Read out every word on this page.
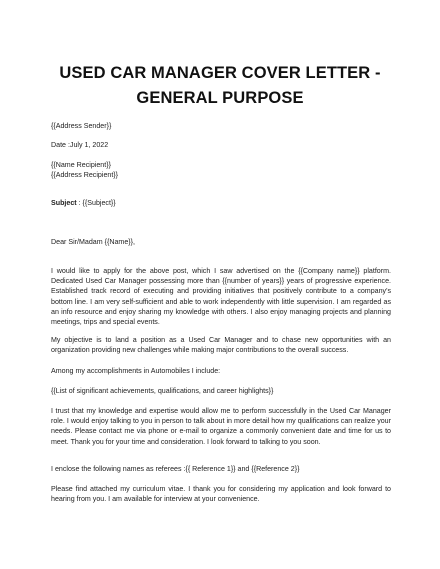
USED CAR MANAGER COVER LETTER -
GENERAL PURPOSE
{{Address Sender}}
Date :July 1, 2022
{{Name Recipient}}
{{Address Recipient}}
Subject : {{Subject}}
Dear Sir/Madam {{Name}},
I would like to apply for the above post, which I saw advertised on the {{Company name}} platform. Dedicated Used Car Manager possessing more than {{number of years}} years of progressive experience. Established track record of executing and providing initiatives that positively contribute to a company's bottom line. I am very self-sufficient and able to work independently with little supervision. I am regarded as an info resource and enjoy sharing my knowledge with others. I also enjoy managing projects and planning meetings, trips and special events.
My objective is to land a position as a Used Car Manager and to chase new opportunities with an organization providing new challenges while making major contributions to the overall success.
Among my accomplishments in Automobiles I include:
{{List of significant achievements, qualifications, and career highlights}}
I trust that my knowledge and expertise would allow me to perform successfully in the Used Car Manager role. I would enjoy talking to you in person to talk about in more detail how my qualifications can realize your needs. Please contact me via phone or e-mail to organize a commonly convenient date and time for us to meet. Thank you for your time and consideration. I look forward to talking to you soon.
I enclose the following names as referees :{{ Reference 1}} and {{Reference 2}}
Please find attached my curriculum vitae. I thank you for considering my application and look forward to hearing from you. I am available for interview at your convenience.
